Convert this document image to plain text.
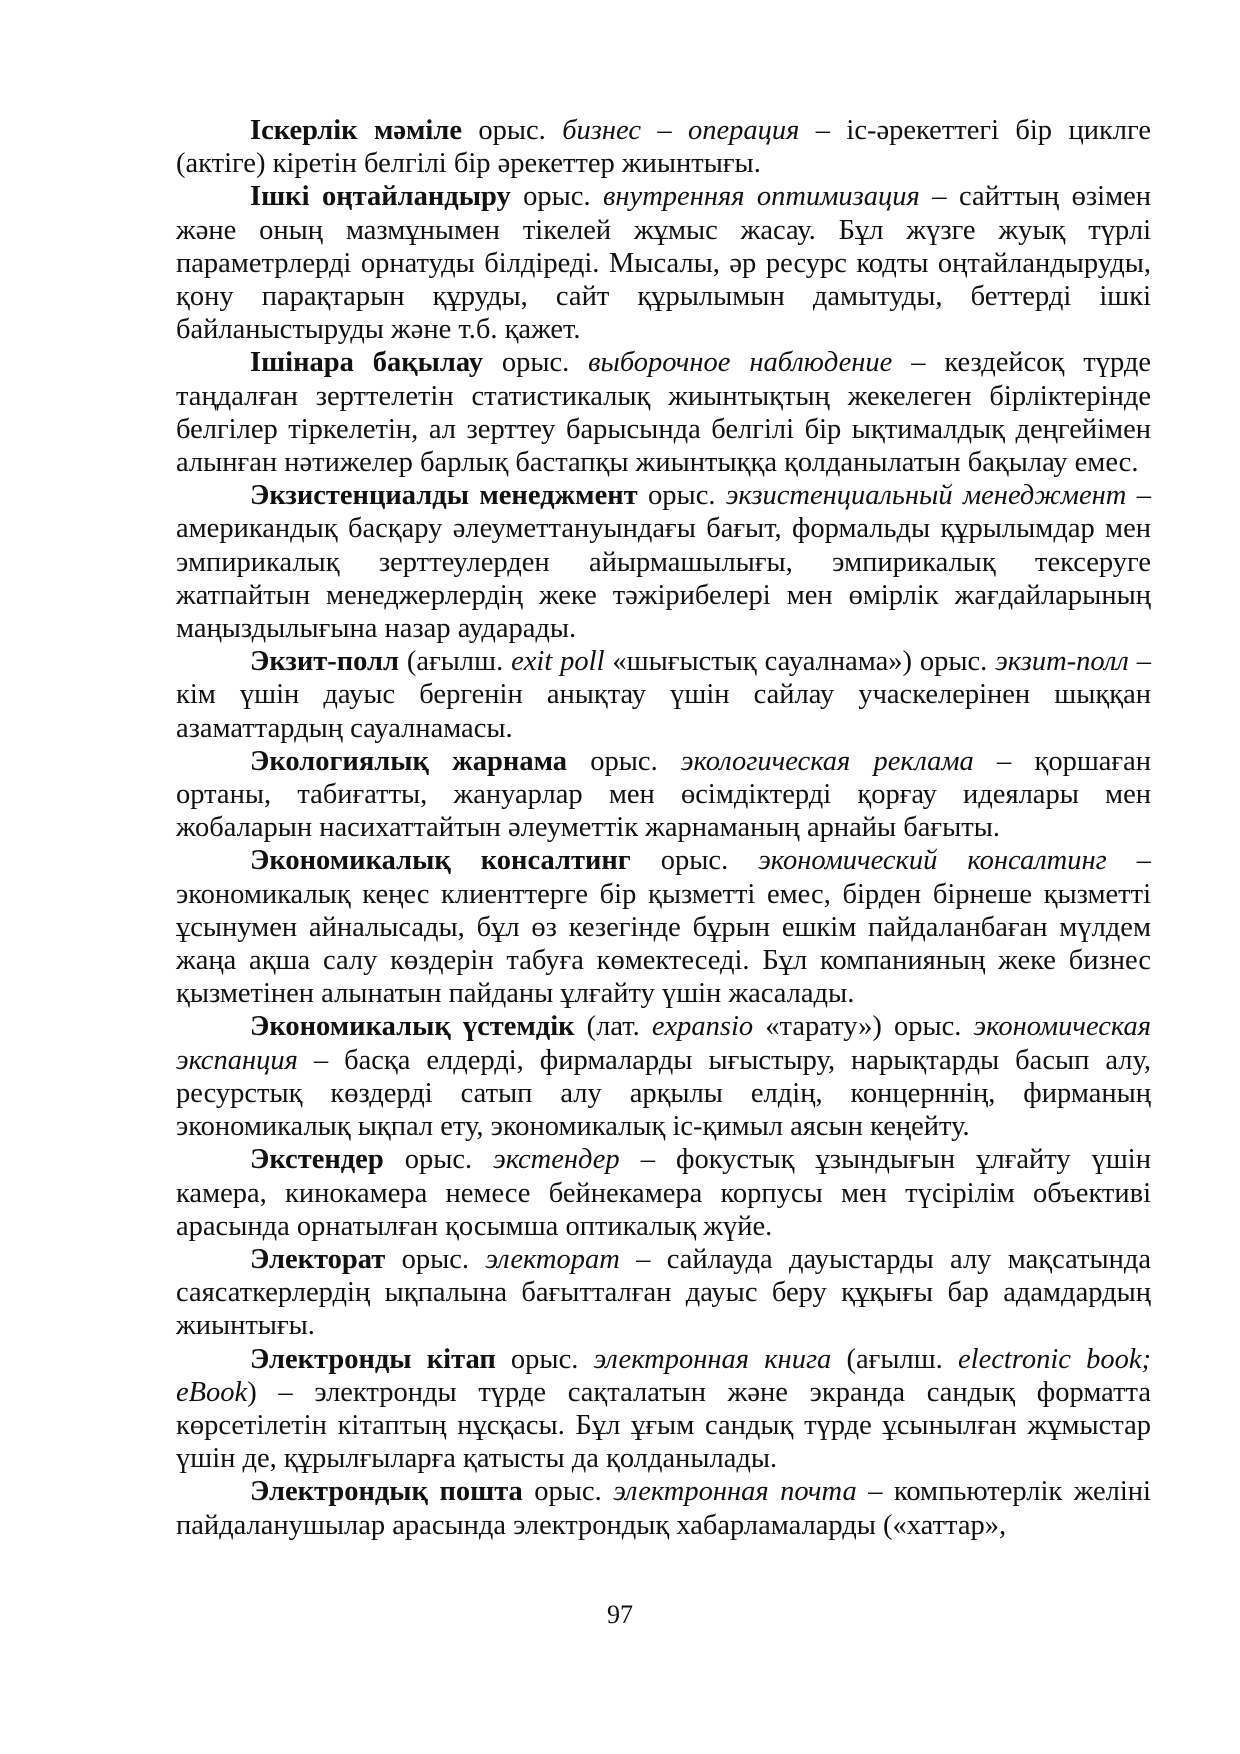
Іскерлік мәміле орыс. бизнес – операция – іс-әрекеттегі бір циклге (актіге) кіретін белгілі бір әрекеттер жиынтығы.

Ішкі оңтайландыру орыс. внутренняя оптимизация – сайттың өзімен және оның мазмұнымен тікелей жұмыс жасау. Бұл жүзге жуық түрлі параметрлерді орнатуды білдіреді. Мысалы, әр ресурс кодты оңтайландыруды, қону парақтарын құруды, сайт құрылымын дамытуды, беттерді ішкі байланыстыруды және т.б. қажет.

Ішінара бақылау орыс. выборочное наблюдение – кездейсоқ түрде таңдалған зерттелетін статистикалық жиынтықтың жекелеген бірліктерінде белгілер тіркелетін, ал зерттеу барысында белгілі бір ықтималдық деңгейімен алынған нәтижелер барлық бастапқы жиынтыққа қолданылатын бақылау емес.

Экзистенциалды менеджмент орыс. экзистенциальный менеджмент – американдық басқару әлеуметтануындағы бағыт, формальды құрылымдар мен эмпирикалық зерттеулерден айырмашылығы, эмпирикалық тексеруге жатпайтын менеджерлердің жеке тәжірибелері мен өмірлік жағдайларының маңыздылығына назар аударады.

Экзит-полл (ағылш. exit poll «шығыстық сауалнама») орыс. экзит-полл – кім үшін дауыс бергенін анықтау үшін сайлау учаскелерінен шыққан азаматтардың сауалнамасы.

Экологиялық жарнама орыс. экологическая реклама – қоршаған ортаны, табиғатты, жануарлар мен өсімдіктерді қорғау идеялары мен жобаларын насихаттайтын әлеуметтік жарнаманың арнайы бағыты.

Экономикалық консалтинг орыс. экономический консалтинг – экономикалық кеңес клиенттерге бір қызметті емес, бірден бірнеше қызметті ұсынумен айналысады, бұл өз кезегінде бұрын ешкім пайдаланбаған мүлдем жаңа ақша салу көздерін табуға көмектеседі. Бұл компанияның жеке бизнес қызметінен алынатын пайданы ұлғайту үшін жасалады.

Экономикалық үстемдік (лат. expansio «тарату») орыс. экономическая экспанция – басқа елдерді, фирмаларды ығыстыру, нарықтарды басып алу, ресурстық көздерді сатып алу арқылы елдің, концерннің, фирманың экономикалық ықпал ету, экономикалық іс-қимыл аясын кеңейту.

Экстендер орыс. экстендер – фокустық ұзындығын ұлғайту үшін камера, кинокамера немесе бейнекамера корпусы мен түсірілім объективі арасында орнатылған қосымша оптикалық жүйе.

Электорат орыс. электорат – сайлауда дауыстарды алу мақсатында саясаткерлердің ықпалына бағытталған дауыс беру құқығы бар адамдардың жиынтығы.

Электронды кітап орыс. электронная книга (ағылш. electronic book; eBook) – электронды түрде сақталатын және экранда сандық форматта көрсетілетін кітаптың нұсқасы. Бұл ұғым сандық түрде ұсынылған жұмыстар үшін де, құрылғыларға қатысты да қолданылады.

Электрондық пошта орыс. электронная почта – компьютерлік желіні пайдаланушылар арасында электрондық хабарламаларды («хаттар»,

97
